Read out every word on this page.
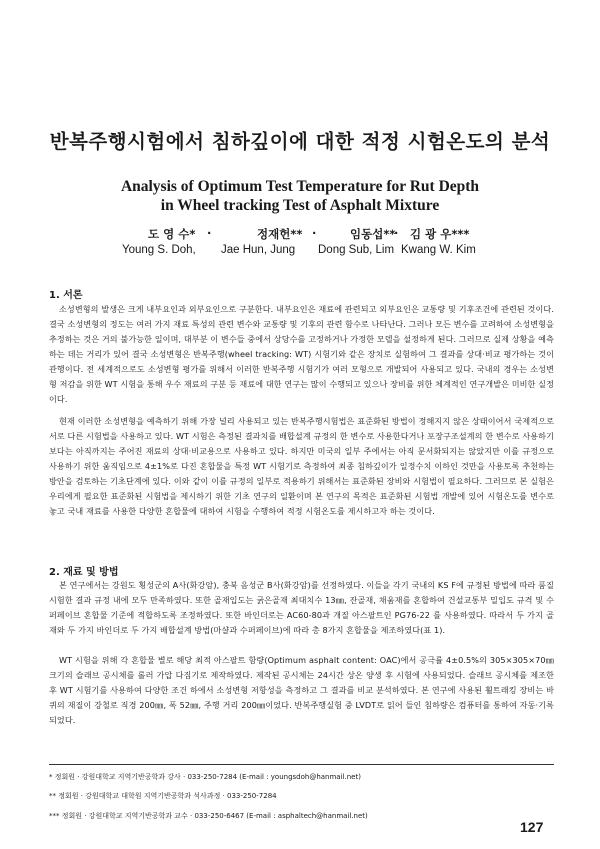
반복주행시험에서 침하깊이에 대한 적정 시험온도의 분석
Analysis of Optimum Test Temperature for Rut Depth
in Wheel tracking Test of Asphalt Mixture
도 영 수* ·	정재헌** ·	임동섭**
· 김 광 우***
Young S. Doh, Jae Hun, Jung Dong Sub, Lim Kwang W. Kim
1. 서론
소성변형의 발생은 크게 내부요인과 외부요인으로 구분한다. 내부요인은 재료에 관련되고 외부요인은 교통량 및 기후조건에 관련된 것이다. 결국 소성변형의 정도는 여러 가지 재료 특성의 관련 변수와 교통량 및 기후의 관련 함수로 나타난다. 그러나 모든 변수를 고려하여 소성변형을 추정하는 것은 거의 불가능한 일이며, 대부분 이 변수들 중에서 상당수를 고정하거나 가정한 모델을 설정하게 된다. 그러므로 실제 상황을 예측하는 데는 거리가 있어 결국 소성변형은 반복주행(wheel tracking: WT) 시험기와 같은 장치로 실험하여 그 결과를 상대·비교 평가하는 것이 관행이다. 전 세계적으로도 소성변형 평가를 위해서 이러한 반복주행 시험기가 여러 모형으로 개발되어 사용되고 있다. 국내의 경우는 소성변형 저감을 위한 WT 시험을 통해 우수 재료의 구분 등 재료에 대한 연구는 많이 수행되고 있으나 장비를 위한 체계적인 연구개발은 미비한 실정이다.
현재 이러한 소성변형을 예측하기 위해 가장 널리 사용되고 있는 반복주행시험법은 표준화된 방법이 정해지지 않은 상태이어서 국제적으로 서로 다른 시험법을 사용하고 있다. WT 시험은 측정된 결과치를 배합설계 규정의 한 변수로 사용한다거나 포장구조설계의 한 변수로 사용하기보다는 아직까지는 주어진 재료의 상대·비교용으로 사용하고 있다. 하지만 미국의 일부 주에서는 아직 문서화되지는 않았지만 이를 규정으로 사용하기 위한 움직임으로 4±1%로 다진 혼합물을 특정 WT 시험기로 측정하여 최종 침하깊이가 일정수치 이하인 것만을 사용토록 추천하는 방안을 검토하는 기초단계에 있다. 이와 같이 이를 규정의 일부로 적용하기 위해서는 표준화된 장비와 시험법이 필요하다. 그러므로 본 실험은 우리에게 필요한 표준화된 시험법을 제시하기 위한 기초 연구의 일환이며 본 연구의 목적은 표준화된 시험법 개발에 있어 시험온도를 변수로 놓고 국내 재료를 사용한 다양한 혼합물에 대하여 시험을 수행하여 적정 시험온도를 제시하고자 하는 것이다.
2. 재료 및 방법
본 연구에서는 강원도 횡성군의 A사(화강암), 충북 음성군 B사(화강암)를 선정하였다. 이들을 각기 국내의 KS F에 규정된 방법에 따라 품질 시험한 결과 규정 내에 모두 만족하였다. 또한 골재입도는 굵은골재 최대치수 13㎜, 잔골재, 채움재를 혼합하여 건설교통부 밀입도 규격 및 수퍼페이브 혼합물 기준에 적합하도록 조정하였다. 또한 바인더로는 AC60-80과 개질 아스팔트인 PG76-22 를 사용하였다. 따라서 두 가지 골재와 두 가지 바인더로 두 가지 배합설계 방법(마샬과 수퍼페이브)에 따라 총 8가지 혼합물을 제조하였다(표 1).
WT 시험을 위해 각 혼합물 별로 해당 최적 아스팔트 함량(Optimum asphalt content: OAC)에서 공극률 4±0.5%의 305×305×70㎜ 크기의 슬래브 공시체를 롤러 가압 다짐기로 제작하였다. 제작된 공시체는 24시간 상온 양생 후 시험에 사용되었다. 슬래브 공시체를 제조한 후 WT 시험기를 사용하여 다양한 조건 하에서 소성변형 저항성을 측정하고 그 결과를 비교 분석하였다. 본 연구에 사용된 휠트래킹 장비는 바퀴의 재질이 강철로 직경 200㎜, 폭 52㎜, 주행 거리 200㎜이었다. 반복주행실험 중 LVDT로 읽어 들인 침하량은 컴퓨터를 통하여 자동·기록되었다.
* 정회원 · 강원대학교 지역기반공학과 강사 · 033-250-7284 (E-mail : youngsdoh@hanmail.net)
** 정회원 · 강원대학교 대학원 지역기반공학과 석사과정 · 033-250-7284
*** 정회원 · 강원대학교 지역기반공학과 교수 · 033-250-6467 (E-mail : asphaltech@hanmail.net)
127
